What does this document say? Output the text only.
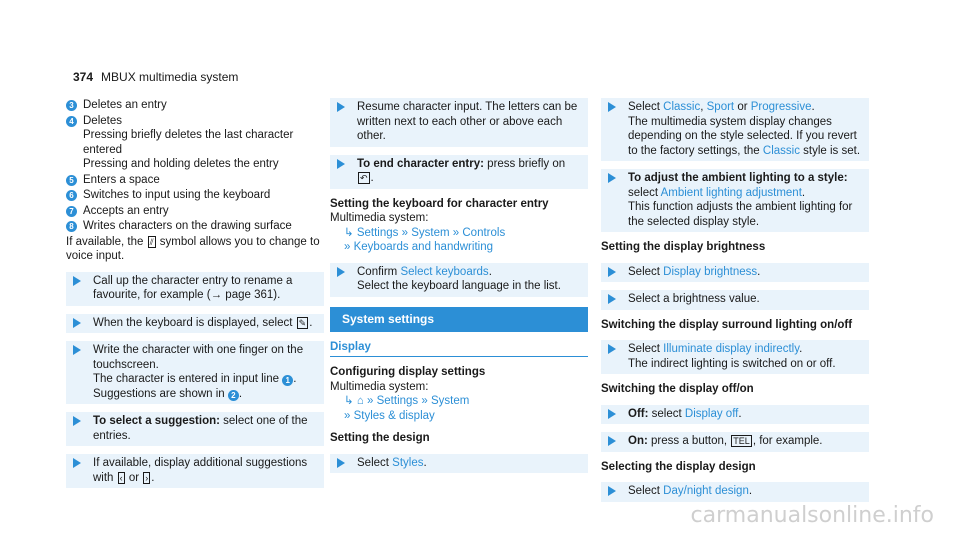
374 MBUX multimedia system
3 Deletes an entry
4 Deletes
Pressing briefly deletes the last character entered
Pressing and holding deletes the entry
5 Enters a space
6 Switches to input using the keyboard
7 Accepts an entry
8 Writes characters on the drawing surface
If available, the ⫽ symbol allows you to change to voice input.
Call up the character entry to rename a favourite, for example (→ page 361).
When the keyboard is displayed, select ✎ .
Write the character with one finger on the touchscreen.
The character is entered in input line 1 .
Suggestions are shown in 2 .
To select a suggestion: select one of the entries.
If available, display additional suggestions with ‹ or › .
Resume character input. The letters can be written next to each other or above each other.
To end character entry: press briefly on
↶ .
Setting the keyboard for character entry
Multimedia system:
↳ Settings » System » Controls
» Keyboards and handwriting
Confirm Select keyboards.
Select the keyboard language in the list.
System settings
Display
Configuring display settings
Multimedia system:
↳ ⌂ » Settings » System
» Styles & display
Setting the design
Select Styles.
Select Classic, Sport or Progressive.
The multimedia system display changes depending on the style selected. If you revert to the factory settings, the Classic style is set.
To adjust the ambient lighting to a style:
select Ambient lighting adjustment.
This function adjusts the ambient lighting for the selected display style.
Setting the display brightness
Select Display brightness.
Select a brightness value.
Switching the display surround lighting on/off
Select Illuminate display indirectly.
The indirect lighting is switched on or off.
Switching the display off/on
Off: select Display off.
On: press a button, TEL , for example.
Selecting the display design
Select Day/night design.
carmanualsonline.info
